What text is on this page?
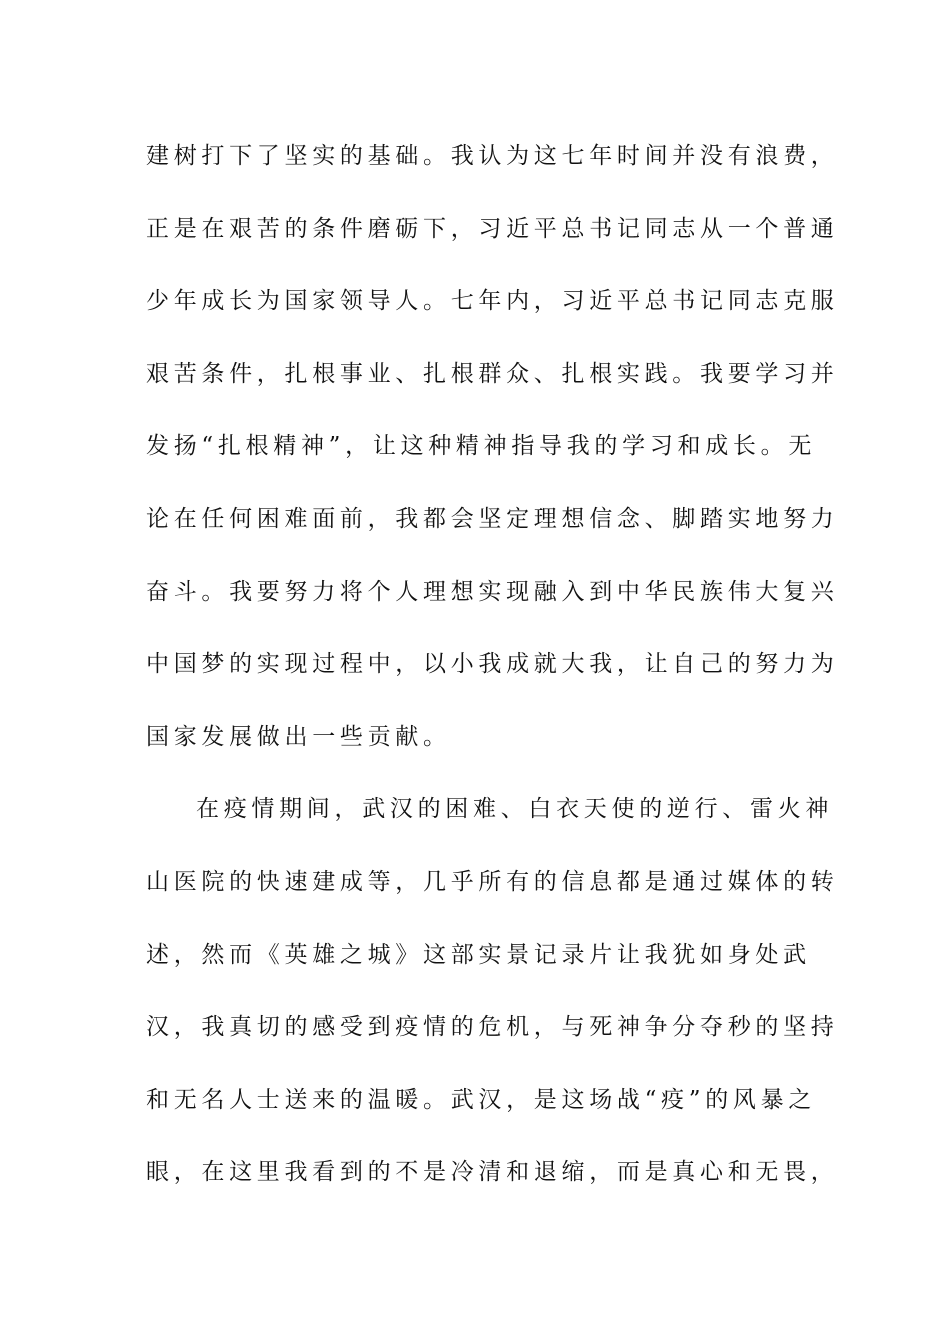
建树打下了坚实的基础。我认为这七年时间并没有浪费，
正是在艰苦的条件磨砺下，习近平总书记同志从一个普通
少年成长为国家领导人。七年内，习近平总书记同志克服
艰苦条件，扎根事业、扎根群众、扎根实践。我要学习并
发扬“扎根精神”，让这种精神指导我的学习和成长。无
论在任何困难面前，我都会坚定理想信念、脚踏实地努力
奋斗。我要努力将个人理想实现融入到中华民族伟大复兴
中国梦的实现过程中，以小我成就大我，让自己的努力为
国家发展做出一些贡献。
在疫情期间，武汉的困难、白衣天使的逆行、雷火神
山医院的快速建成等，几乎所有的信息都是通过媒体的转
述，然而《英雄之城》这部实景记录片让我犹如身处武
汉，我真切的感受到疫情的危机，与死神争分夺秒的坚持
和无名人士送来的温暖。武汉，是这场战“疫”的风暴之
眼，在这里我看到的不是冷清和退缩，而是真心和无畏，
